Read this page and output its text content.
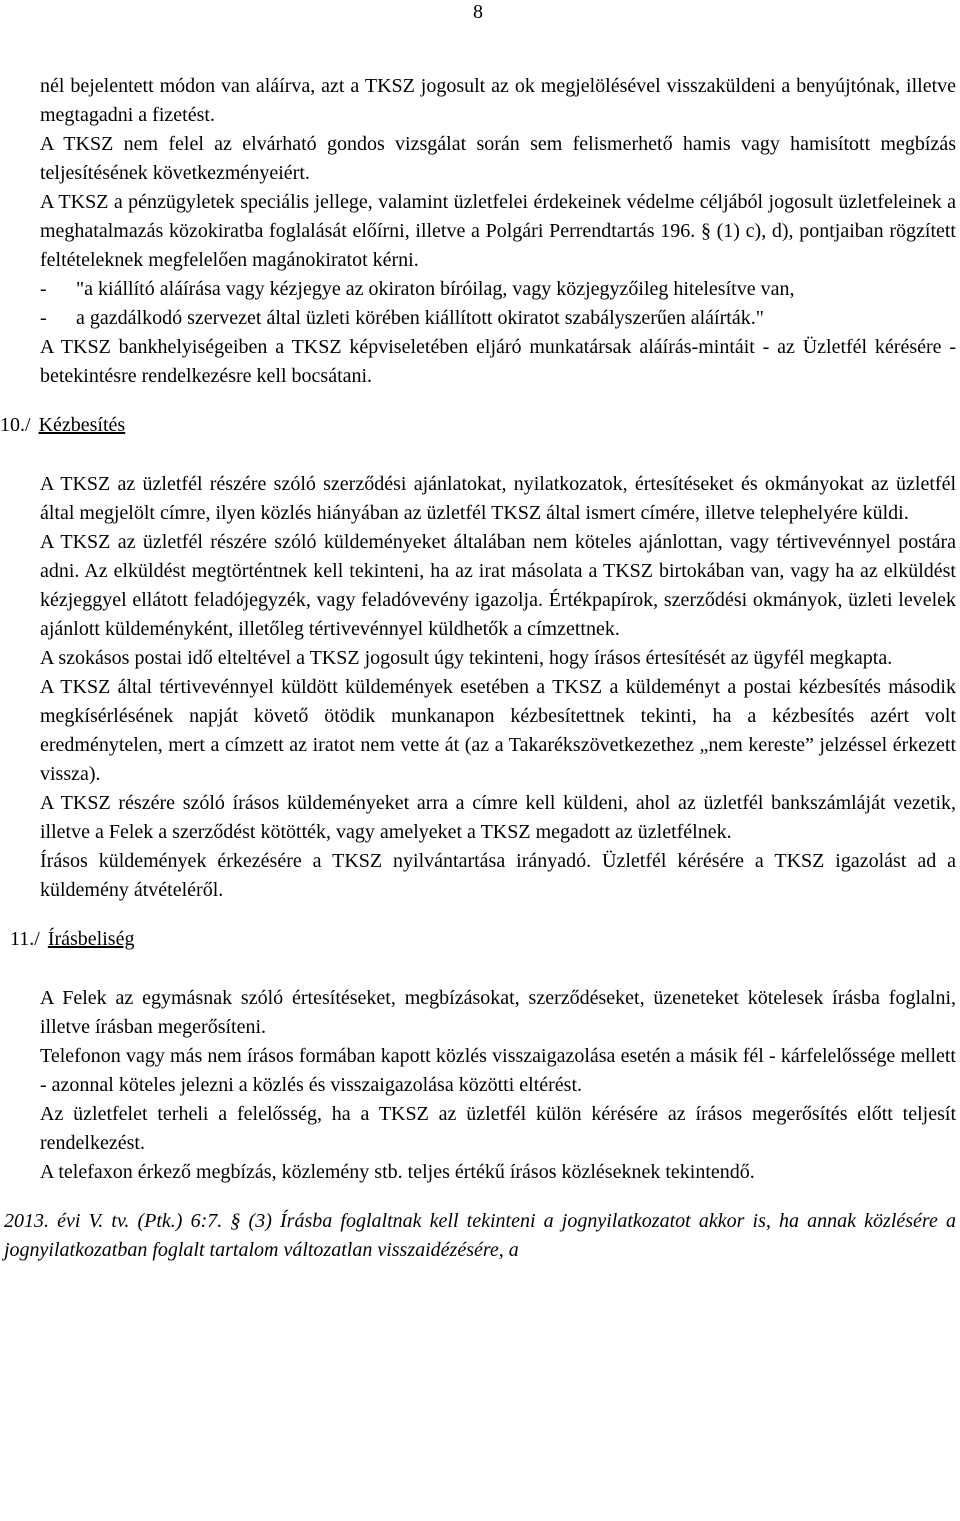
8

nél bejelentett módon van aláírva, azt a TKSZ jogosult az ok megjelölésével visszaküldeni a benyújtónak, illetve megtagadni a fizetést.

A TKSZ nem felel az elvárható gondos vizsgálat során sem felismerhető hamis vagy hamisított megbízás teljesítésének következményeiért.

A TKSZ a pénzügyletek speciális jellege, valamint üzletfelei érdekeinek védelme céljából jogosult üzletfeleinek a meghatalmazás közokiratba foglalását előírni, illetve a Polgári Perrendtartás 196. § (1) c), d), pontjaiban rögzített feltételeknek megfelelően magánokiratot kérni.

- "a kiállító aláírása vagy kézjegye az okiraton bíróilag, vagy közjegyzőileg hitelesítve van,

- a gazdálkodó szervezet által üzleti körében kiállított okiratot szabályszerűen aláírták."

A TKSZ bankhelyiségeiben a TKSZ képviseletében eljáró munkatársak aláírás-mintáit - az Üzletfél kérésére - betekintésre rendelkezésre kell bocsátani.

10./ Kézbesítés

A TKSZ az üzletfél részére szóló szerződési ajánlatokat, nyilatkozatok, értesítéseket és okmányokat az üzletfél által megjelölt címre, ilyen közlés hiányában az üzletfél TKSZ által ismert címére, illetve telephelyére küldi.

A TKSZ az üzletfél részére szóló küldeményeket általában nem köteles ajánlottan, vagy tértivevénnyel postára adni. Az elküldést megtörténtnek kell tekinteni, ha az irat másolata a TKSZ birtokában van, vagy ha az elküldést kézjeggyel ellátott feladójegyzék, vagy feladóvevény igazolja. Értékpapírok, szerződési okmányok, üzleti levelek ajánlott küldeményként, illetőleg tértivevénnyel küldhetők a címzettnek.

A szokásos postai idő elteltével a TKSZ jogosult úgy tekinteni, hogy írásos értesítését az ügyfél megkapta.

A TKSZ által tértivevénnyel küldött küldemények esetében a TKSZ a küldeményt a postai kézbesítés második megkísérlésének napját követő ötödik munkanapon kézbesítettnek tekinti, ha a kézbesítés azért volt eredménytelen, mert a címzett az iratot nem vette át (az a Takarékszövetkezethez „nem kereste” jelzéssel érkezett vissza).

A TKSZ részére szóló írásos küldeményeket arra a címre kell küldeni, ahol az üzletfél bankszámláját vezetik, illetve a Felek a szerződést kötötték, vagy amelyeket a TKSZ megadott az üzletfélnek.

Írásos küldemények érkezésére a TKSZ nyilvántartása irányadó. Üzletfél kérésére a TKSZ igazolást ad a küldemény átvételéről.

11./ Írásbeliség

A Felek az egymásnak szóló értesítéseket, megbízásokat, szerződéseket, üzeneteket kötelesek írásba foglalni, illetve írásban megerősíteni.

Telefonon vagy más nem írásos formában kapott közlés visszaigazolása esetén a másik fél - kárfelelőssége mellett - azonnal köteles jelezni a közlés és visszaigazolása közötti eltérést.

Az üzletfelet terheli a felelősség, ha a TKSZ az üzletfél külön kérésére az írásos megerősítés előtt teljesít rendelkezést.

A telefaxon érkező megbízás, közlemény stb. teljes értékű írásos közléseknek tekintendő.

2013. évi V. tv. (Ptk.) 6:7. § (3) Írásba foglaltnak kell tekinteni a jognyilatkozatot akkor is, ha annak közlésére a jognyilatkozatban foglalt tartalom változatlan visszaidézésére, a
